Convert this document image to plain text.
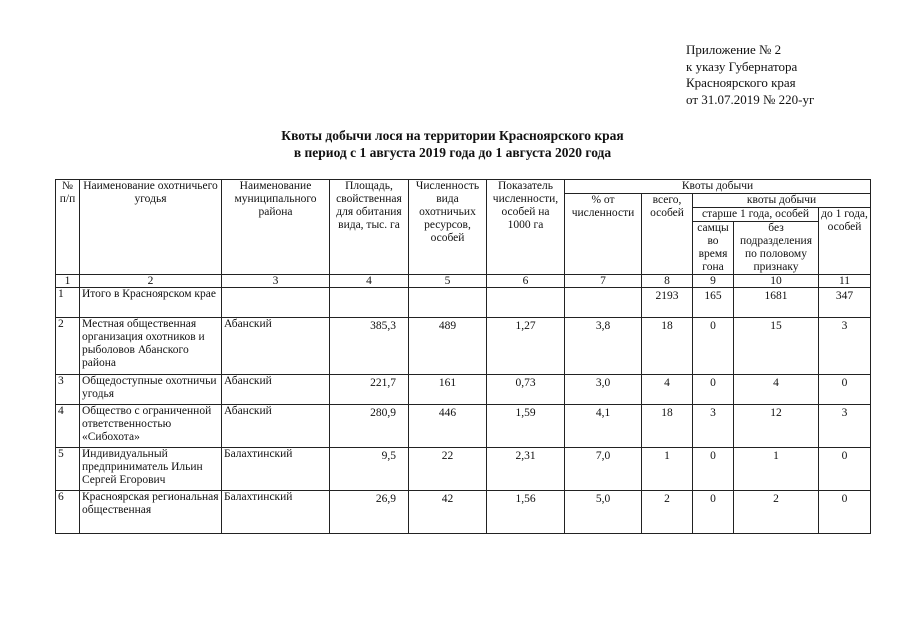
Приложение № 2
к указу Губернатора
Красноярского края
от 31.07.2019 № 220-уг
Квоты добычи лося на территории Красноярского края
в период с 1 августа 2019 года до 1 августа 2020 года
№ п/п	Наименование охотничьего угодья	Наименование муниципального района	Площадь, свойственная для обитания вида, тыс. га	Численность вида охотничьих ресурсов, особей	Показатель численности, особей на 1000 га	Квоты добычи				
						% от численности	всего, особей	квоты добычи		
								старше 1 года, особей		до 1 года, особей
								самцы во время гона	без подразделения по половому признаку	
1	2	3	4	5	6	7	8	9	10	11
1	Итого в Красноярском крае						2193	165	1681	347
2	Местная общественная организация охотников и рыболовов Абанского района	Абанский	385,3	489	1,27	3,8	18	0	15	3
3	Общедоступные охотничьи угодья	Абанский	221,7	161	0,73	3,0	4	0	4	0
4	Общество с ограниченной ответственностью «Сибохота»	Абанский	280,9	446	1,59	4,1	18	3	12	3
5	Индивидуальный предприниматель Ильин Сергей Егорович	Балахтинский	9,5	22	2,31	7,0	1	0	1	0
6	Красноярская региональная общественная	Балахтинский	26,9	42	1,56	5,0	2	0	2	0
